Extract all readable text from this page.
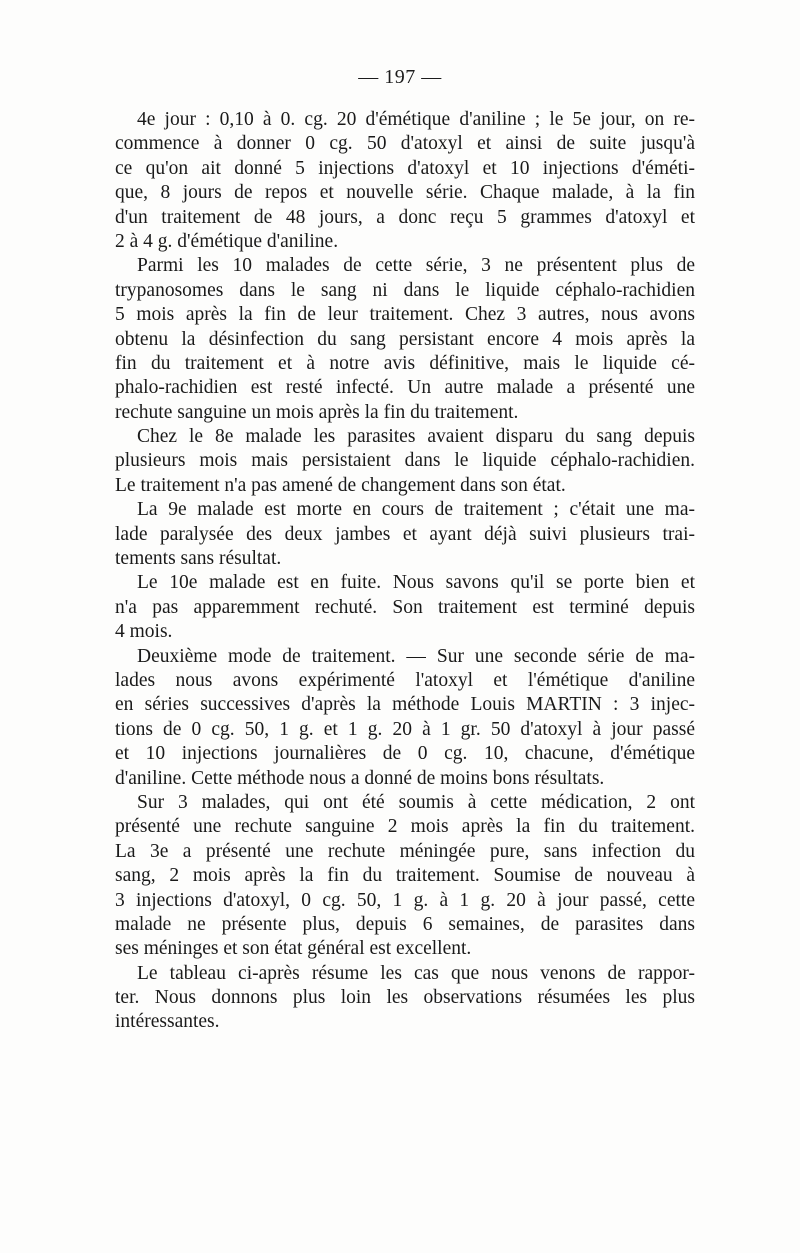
— 197 —
4e jour : 0,10 à 0. cg. 20 d'émétique d'aniline ; le 5e jour, on re-
commence à donner 0 cg. 50 d'atoxyl et ainsi de suite jusqu'à
ce qu'on ait donné 5 injections d'atoxyl et 10 injections d'éméti-
que, 8 jours de repos et nouvelle série. Chaque malade, à la fin
d'un traitement de 48 jours, a donc reçu 5 grammes d'atoxyl et
2 à 4 g. d'émétique d'aniline.
Parmi les 10 malades de cette série, 3 ne présentent plus de
trypanosomes dans le sang ni dans le liquide céphalo-rachidien
5 mois après la fin de leur traitement. Chez 3 autres, nous avons
obtenu la désinfection du sang persistant encore 4 mois après la
fin du traitement et à notre avis définitive, mais le liquide cé-
phalo-rachidien est resté infecté. Un autre malade a présenté une
rechute sanguine un mois après la fin du traitement.
Chez le 8e malade les parasites avaient disparu du sang depuis
plusieurs mois mais persistaient dans le liquide céphalo-rachidien.
Le traitement n'a pas amené de changement dans son état.
La 9e malade est morte en cours de traitement ; c'était une ma-
lade paralysée des deux jambes et ayant déjà suivi plusieurs trai-
tements sans résultat.
Le 10e malade est en fuite. Nous savons qu'il se porte bien et
n'a pas apparemment rechuté. Son traitement est terminé depuis
4 mois.
Deuxième mode de traitement. — Sur une seconde série de ma-
lades nous avons expérimenté l'atoxyl et l'émétique d'aniline
en séries successives d'après la méthode Louis MARTIN : 3 injec-
tions de 0 cg. 50, 1 g. et 1 g. 20 à 1 gr. 50 d'atoxyl à jour passé
et 10 injections journalières de 0 cg. 10, chacune, d'émétique
d'aniline. Cette méthode nous a donné de moins bons résultats.
Sur 3 malades, qui ont été soumis à cette médication, 2 ont
présenté une rechute sanguine 2 mois après la fin du traitement.
La 3e a présenté une rechute méningée pure, sans infection du
sang, 2 mois après la fin du traitement. Soumise de nouveau à
3 injections d'atoxyl, 0 cg. 50, 1 g. à 1 g. 20 à jour passé, cette
malade ne présente plus, depuis 6 semaines, de parasites dans
ses méninges et son état général est excellent.
Le tableau ci-après résume les cas que nous venons de rappor-
ter. Nous donnons plus loin les observations résumées les plus
intéressantes.
